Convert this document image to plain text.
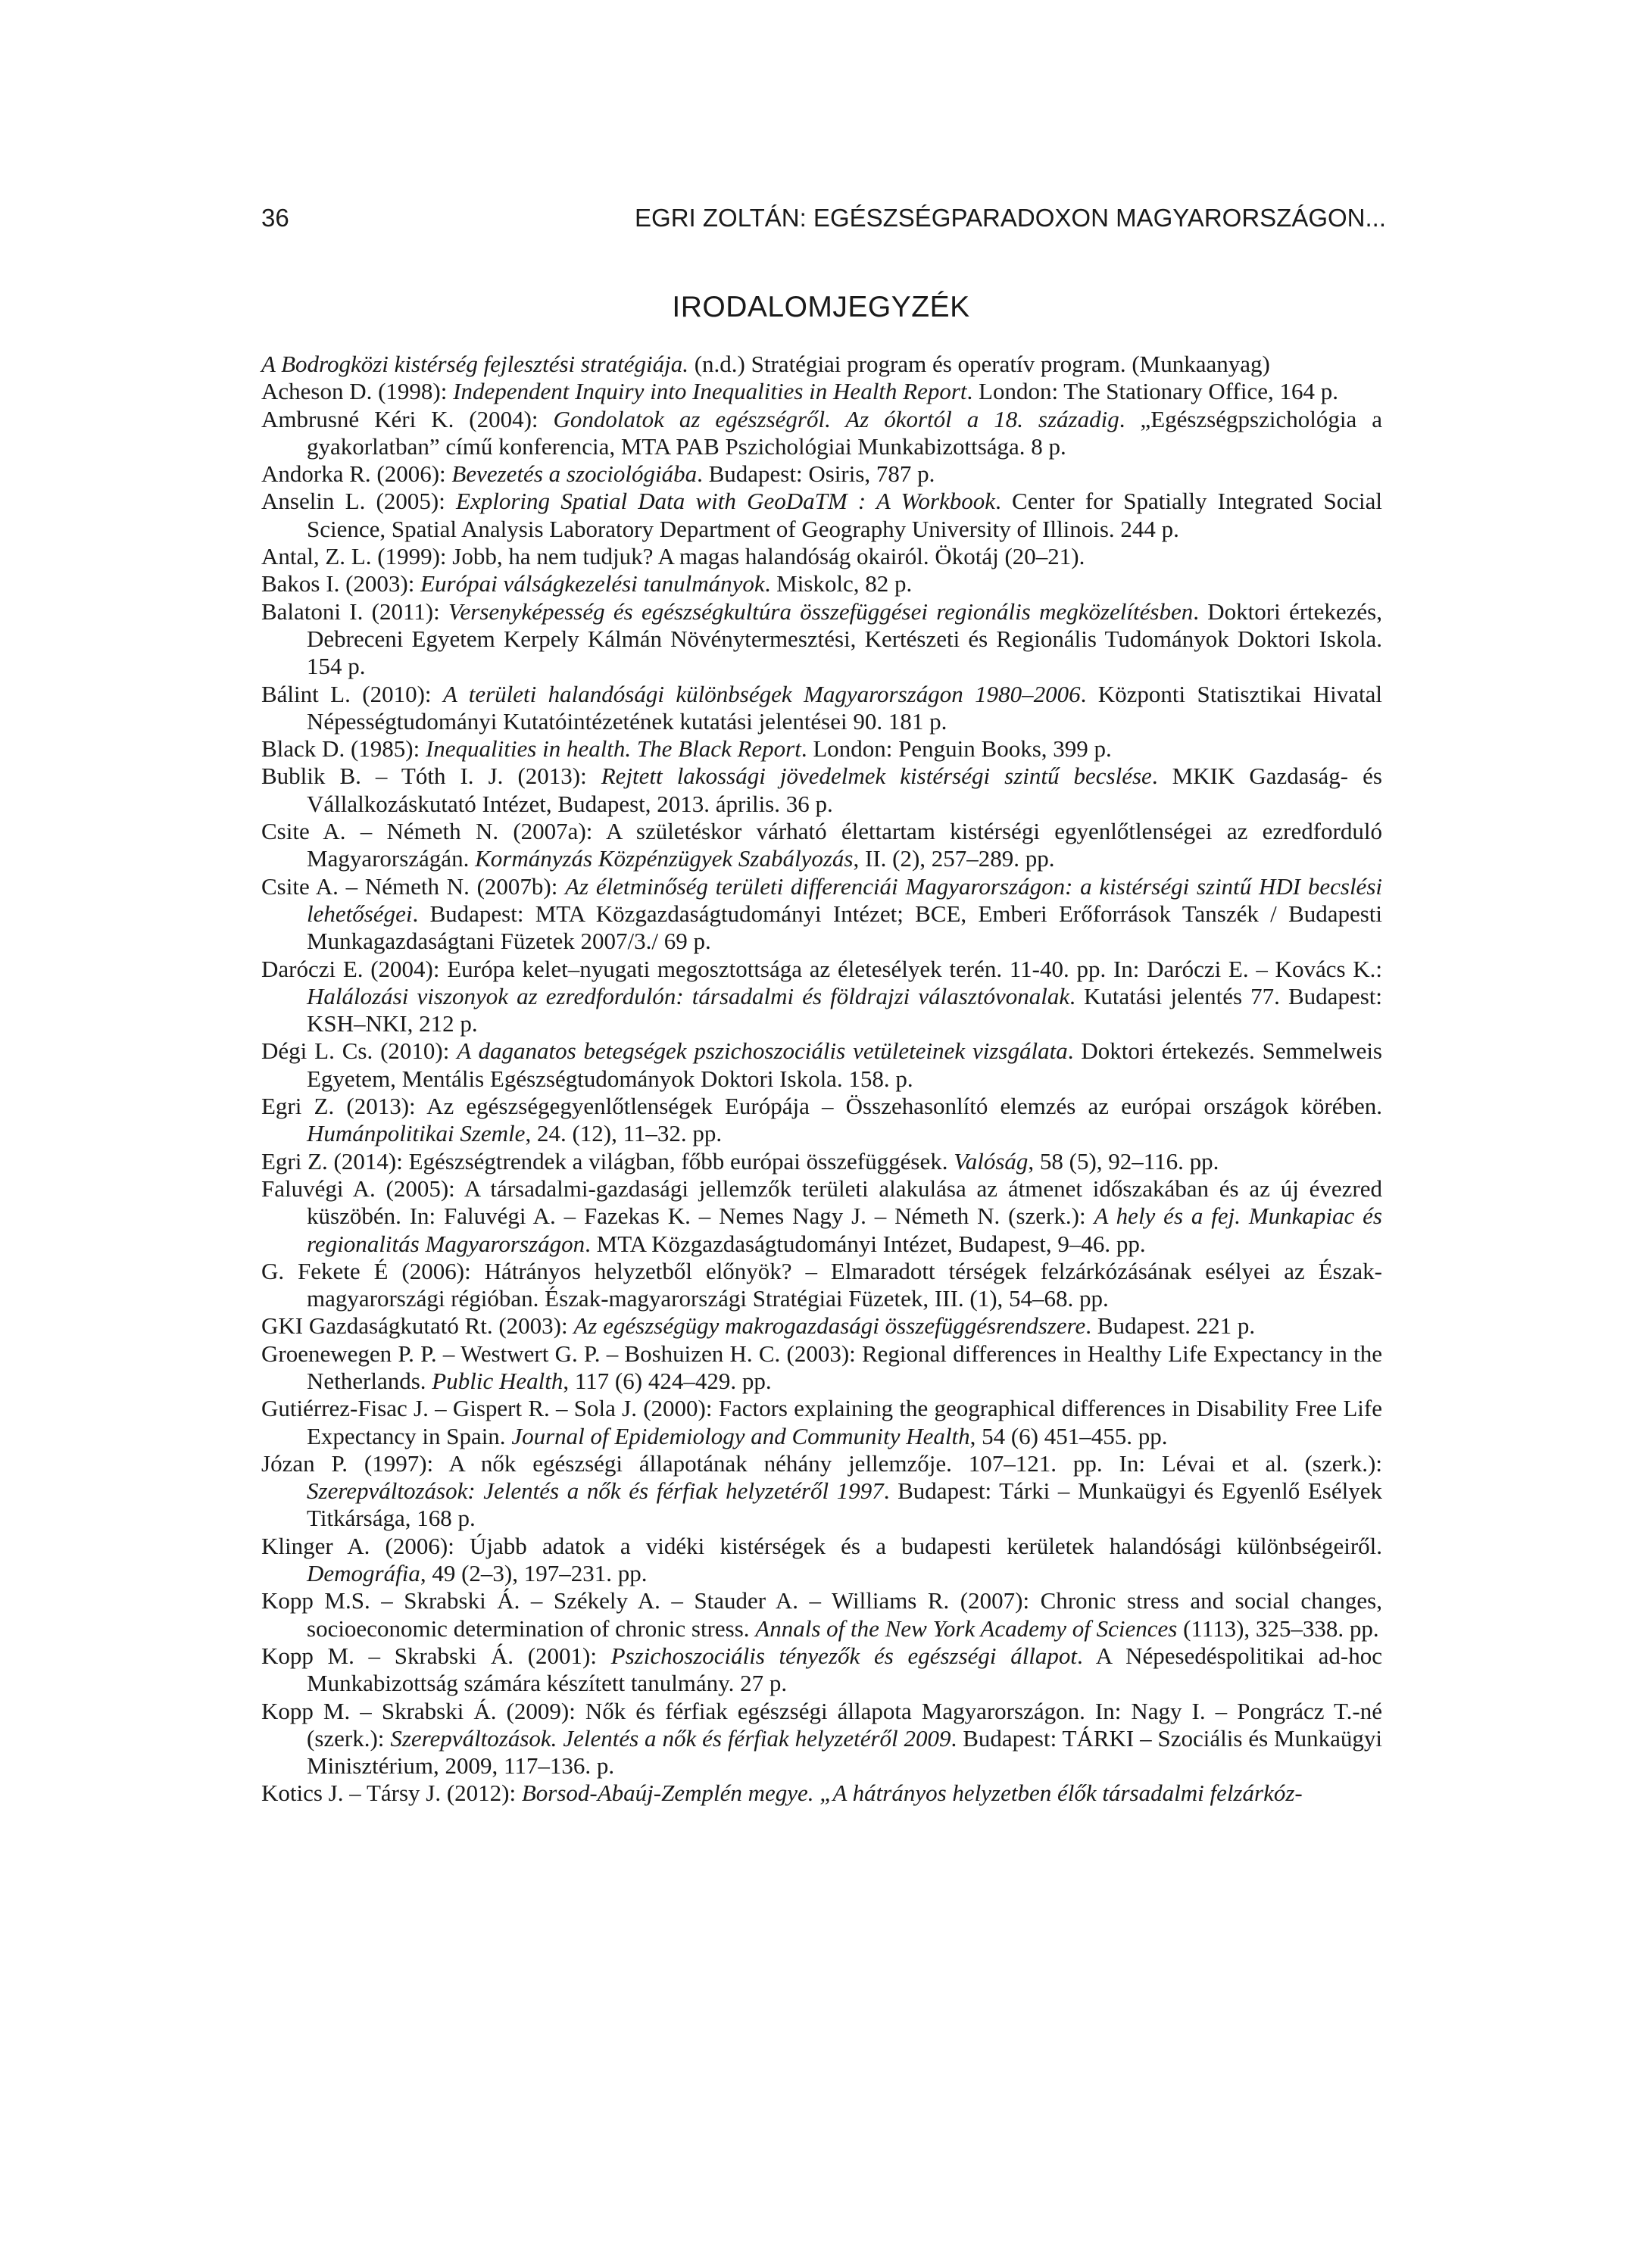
36	EGRI ZOLTÁN: EGÉSZSÉGPARADOXON MAGYARORSZÁGON...
IRODALOMJEGYZÉK
A Bodrogközi kistérség fejlesztési stratégiája. (n.d.) Stratégiai program és operatív program. (Munkaanyag)
Acheson D. (1998): Independent Inquiry into Inequalities in Health Report. London: The Stationary Office, 164 p.
Ambrusné Kéri K. (2004): Gondolatok az egészségről. Az ókortól a 18. századig. „Egészségpszichológia a gyakorlatban” című konferencia, MTA PAB Pszichológiai Munkabizottsága. 8 p.
Andorka R. (2006): Bevezetés a szociológiába. Budapest: Osiris, 787 p.
Anselin L. (2005): Exploring Spatial Data with GeoDaTM : A Workbook. Center for Spatially Integrated Social Science, Spatial Analysis Laboratory Department of Geography University of Illinois. 244 p.
Antal, Z. L. (1999): Jobb, ha nem tudjuk? A magas halandóság okairól. Ökotáj (20–21).
Bakos I. (2003): Európai válságkezelési tanulmányok. Miskolc, 82 p.
Balatoni I. (2011): Versenyképesség és egészségkultúra összefüggései regionális megközelítésben. Doktori értekezés, Debreceni Egyetem Kerpely Kálmán Növénytermesztési, Kertészeti és Regionális Tudományok Doktori Iskola. 154 p.
Bálint L. (2010): A területi halandósági különbségek Magyarországon 1980–2006. Központi Statisztikai Hivatal Népességtudományi Kutatóintézetének kutatási jelentései 90. 181 p.
Black D. (1985): Inequalities in health. The Black Report. London: Penguin Books, 399 p.
Bublik B. – Tóth I. J. (2013): Rejtett lakossági jövedelmek kistérségi szintű becslése. MKIK Gazdaság- és Vállalkozáskutató Intézet, Budapest, 2013. április. 36 p.
Csite A. – Németh N. (2007a): A születéskor várható élettartam kistérségi egyenlőtlenségei az ezredforduló Magyarországán. Kormányzás Közpénzügyek Szabályozás, II. (2), 257–289. pp.
Csite A. – Németh N. (2007b): Az életminőség területi differenciái Magyarországon: a kistérségi szintű HDI becslési lehetőségei. Budapest: MTA Közgazdaságtudományi Intézet; BCE, Emberi Erőforrások Tanszék / Budapesti Munkagazdaságtani Füzetek 2007/3./ 69 p.
Daróczi E. (2004): Európa kelet–nyugati megosztottsága az életesélyek terén. 11-40. pp. In: Daróczi E. – Kovács K.: Halálozási viszonyok az ezredfordulón: társadalmi és földrajzi választóvonalak. Kutatási jelentés 77. Budapest: KSH–NKI, 212 p.
Dégi L. Cs. (2010): A daganatos betegségek pszichoszociális vetületeinek vizsgálata. Doktori értekezés. Semmelweis Egyetem, Mentális Egészségtudományok Doktori Iskola. 158. p.
Egri Z. (2013): Az egészségegyenlőtlenségek Európája – Összehasonlító elemzés az európai országok körében. Humánpolitikai Szemle, 24. (12), 11–32. pp.
Egri Z. (2014): Egészségtrendek a világban, főbb európai összefüggések. Valóság, 58 (5), 92–116. pp.
Faluvégi A. (2005): A társadalmi-gazdasági jellemzők területi alakulása az átmenet időszakában és az új évezred küszöbén. In: Faluvégi A. – Fazekas K. – Nemes Nagy J. – Németh N. (szerk.): A hely és a fej. Munkapiac és regionalitás Magyarországon. MTA Közgazdaságtudományi Intézet, Budapest, 9–46. pp.
G. Fekete É (2006): Hátrányos helyzetből előnyök? – Elmaradott térségek felzárkózásának esélyei az Észak-magyarországi régióban. Észak-magyarországi Stratégiai Füzetek, III. (1), 54–68. pp.
GKI Gazdaságkutató Rt. (2003): Az egészségügy makrogazdasági összefüggésrendszere. Budapest. 221 p.
Groenewegen P. P. – Westwert G. P. – Boshuizen H. C. (2003): Regional differences in Healthy Life Expectancy in the Netherlands. Public Health, 117 (6) 424–429. pp.
Gutiérrez-Fisac J. – Gispert R. – Sola J. (2000): Factors explaining the geographical differences in Disability Free Life Expectancy in Spain. Journal of Epidemiology and Community Health, 54 (6) 451–455. pp.
Józan P. (1997): A nők egészségi állapotának néhány jellemzője. 107–121. pp. In: Lévai et al. (szerk.): Szerepváltozások: Jelentés a nők és férfiak helyzetéről 1997. Budapest: Tárki – Munkaügyi és Egyenlő Esélyek Titkársága, 168 p.
Klinger A. (2006): Újabb adatok a vidéki kistérségek és a budapesti kerületek halandósági különbségeiről. Demográfia, 49 (2–3), 197–231. pp.
Kopp M.S. – Skrabski Á. – Székely A. – Stauder A. – Williams R. (2007): Chronic stress and social changes, socioeconomic determination of chronic stress. Annals of the New York Academy of Sciences (1113), 325–338. pp.
Kopp M. – Skrabski Á. (2001): Pszichoszociális tényezők és egészségi állapot. A Népesedéspolitikai ad-hoc Munkabizottság számára készített tanulmány. 27 p.
Kopp M. – Skrabski Á. (2009): Nők és férfiak egészségi állapota Magyarországon. In: Nagy I. – Pongrácz T.-né (szerk.): Szerepváltozások. Jelentés a nők és férfiak helyzetéről 2009. Budapest: TÁRKI – Szociális és Munkaügyi Minisztérium, 2009, 117–136. p.
Kotics J. – Társy J. (2012): Borsod-Abaúj-Zemplén megye. „A hátrányos helyzetben élők társadalmi felzárkóz-
